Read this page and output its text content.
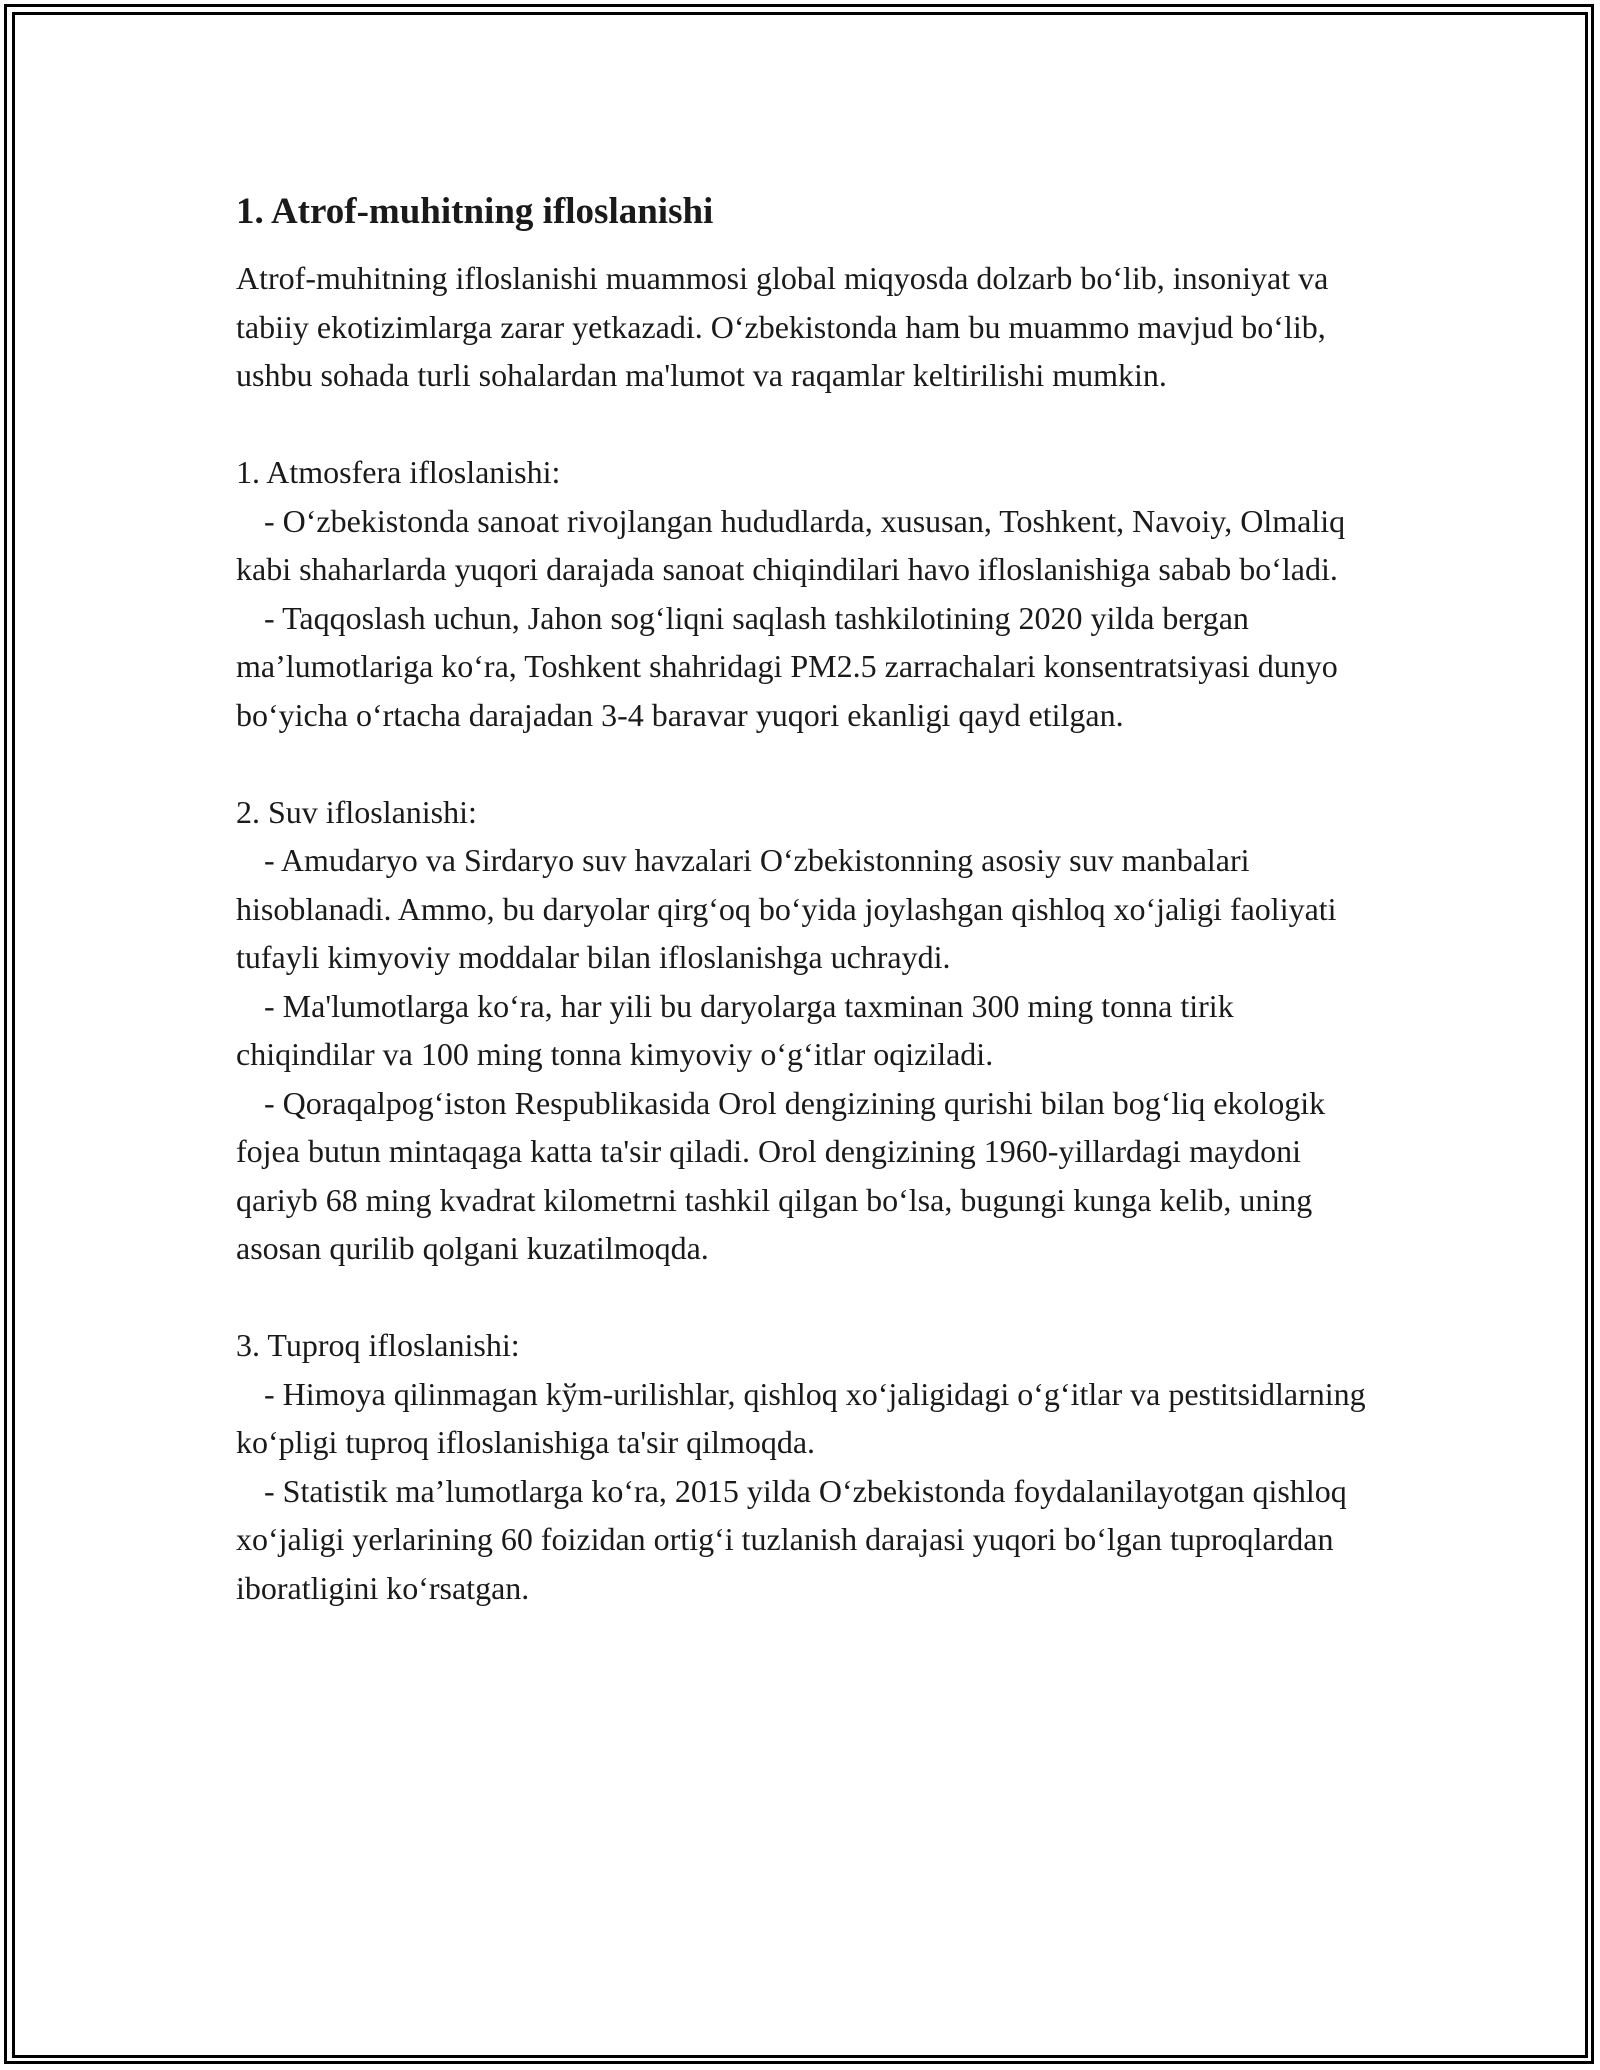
1. Atrof-muhitning ifloslanishi

Atrof-muhitning ifloslanishi muammosi global miqyosda dolzarb bo‘lib, insoniyat va tabiiy ekotizimlarga zarar yetkazadi. O‘zbekistonda ham bu muammo mavjud bo‘lib, ushbu sohada turli sohalardan ma'lumot va raqamlar keltirilishi mumkin.

1. Atmosfera ifloslanishi:
- O‘zbekistonda sanoat rivojlangan hududlarda, xususan, Toshkent, Navoiy, Olmaliq kabi shaharlarda yuqori darajada sanoat chiqindilari havo ifloslanishiga sabab bo‘ladi.
- Taqqoslash uchun, Jahon sog‘liqni saqlash tashkilotining 2020 yilda bergan ma’lumotlariga ko‘ra, Toshkent shahridagi PM2.5 zarrachalari konsentratsiyasi dunyo bo‘yicha o‘rtacha darajadan 3-4 baravar yuqori ekanligi qayd etilgan.
2. Suv ifloslanishi:
- Amudaryo va Sirdaryo suv havzalari O‘zbekistonning asosiy suv manbalari hisoblanadi. Ammo, bu daryolar qirg‘oq bo‘yida joylashgan qishloq xo‘jaligi faoliyati tufayli kimyoviy moddalar bilan ifloslanishga uchraydi.
- Ma'lumotlarga ko‘ra, har yili bu daryolarga taxminan 300 ming tonna tirik chiqindilar va 100 ming tonna kimyoviy o‘g‘itlar oqiziladi.
- Qoraqalpog‘iston Respublikasida Orol dengizining qurishi bilan bog‘liq ekologik fojea butun mintaqaga katta ta'sir qiladi. Orol dengizining 1960-yillardagi maydoni qariyb 68 ming kvadrat kilometrni tashkil qilgan bo‘lsa, bugungi kunga kelib, uning asosan qurilib qolgani kuzatilmoqda.
3. Tuproq ifloslanishi:
- Himoya qilinmagan kўm-urilishlar, qishloq xo‘jaligidagi o‘g‘itlar va pestitsidlarning ko‘pligi tuproq ifloslanishiga ta'sir qilmoqda.
- Statistik ma’lumotlarga ko‘ra, 2015 yilda O‘zbekistonda foydalanilayotgan qishloq xo‘jaligi yerlarining 60 foizidan ortig‘i tuzlanish darajasi yuqori bo‘lgan tuproqlardan iboratligini ko‘rsatgan.
